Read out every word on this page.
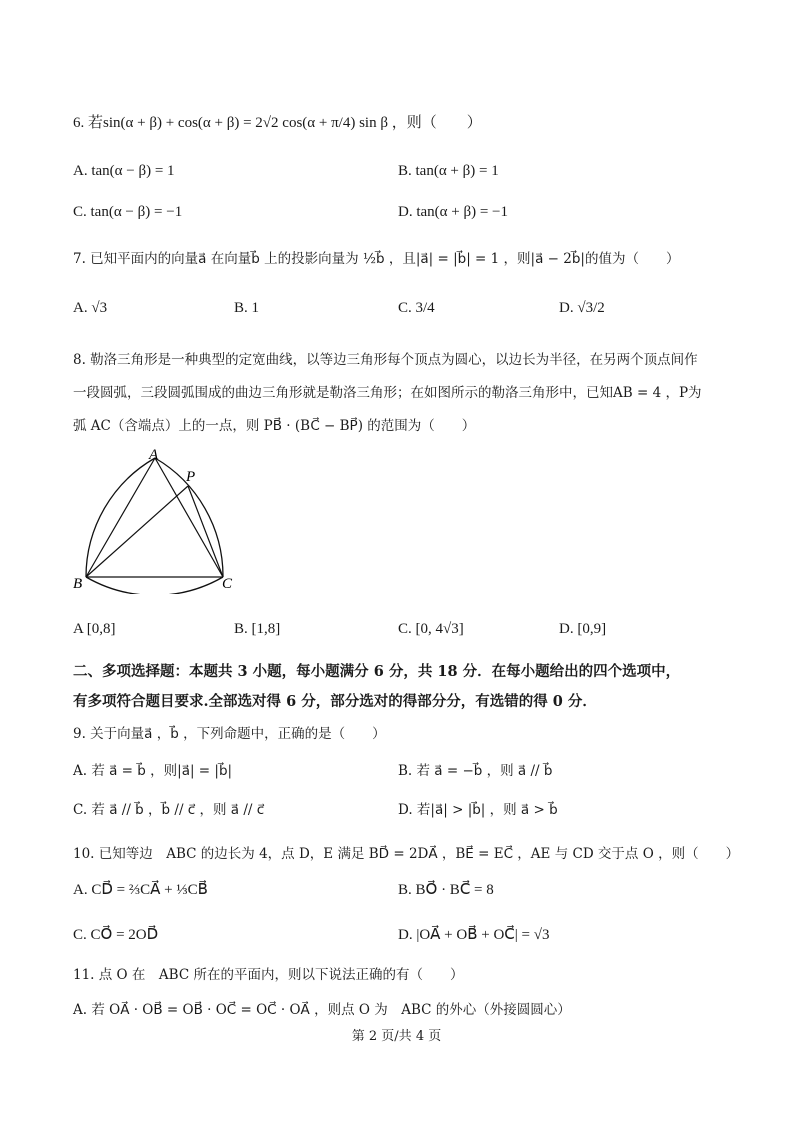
6. 若sin(α + β) + cos(α + β) = 2√2 cos(α + π/4) sin β ，则（　　）
A. tan(α − β) = 1	B. tan(α + β) = 1
C. tan(α − β) = −1	D. tan(α + β) = −1
7. 已知平面内的向量a⃗ 在向量b⃗ 上的投影向量为 ½b⃗ ，且|a⃗| = |b⃗| = 1 ，则|a⃗ − 2b⃗|的值为（　　）
A. √3	B. 1	C. 3/4	D. √3/2
8. 勒洛三角形是一种典型的定宽曲线，以等边三角形每个顶点为圆心，以边长为半径，在另两个顶点间作
一段圆弧，三段圆弧围成的曲边三角形就是勒洛三角形；在如图所示的勒洛三角形中，已知AB = 4 ，P为
弧 AC（含端点）上的一点，则 PB⃗ · (BC⃗ − BP⃗) 的范围为（　　）
A
P
B	C
A [0,8]	B. [1,8]	C. [0, 4√3]	D. [0,9]
二、多项选择题：本题共 3 小题，每小题满分 6 分，共 18 分．在每小题给出的四个选项中，
有多项符合题目要求.全部选对得 6 分，部分选对的得部分分，有选错的得 0 分．
9. 关于向量a⃗ ，b⃗ ，下列命题中，正确的是（　　）
A. 若 a⃗ = b⃗ ，则|a⃗| = |b⃗|	B. 若 a⃗ = −b⃗ ，则 a⃗ // b⃗
C. 若 a⃗ // b⃗ ，b⃗ // c⃗ ，则 a⃗ // c⃗	D. 若|a⃗| > |b⃗| ，则 a⃗ > b⃗
10. 已知等边　ABC 的边长为 4，点 D，E 满足 BD⃗ = 2DA⃗ ，BE⃗ = EC⃗ ，AE 与 CD 交于点 O ，则（　　）
A. CD⃗ = ⅔CA⃗ + ⅓CB⃗	B. BO⃗ · BC⃗ = 8
C. CO⃗ = 2OD⃗	D. |OA⃗ + OB⃗ + OC⃗| = √3
11. 点 O 在　ABC 所在的平面内，则以下说法正确的有（　　）
A. 若 OA⃗ · OB⃗ = OB⃗ · OC⃗ = OC⃗ · OA⃗ ，则点 O 为　ABC 的外心（外接圆圆心）
第 2 页/共 4 页
